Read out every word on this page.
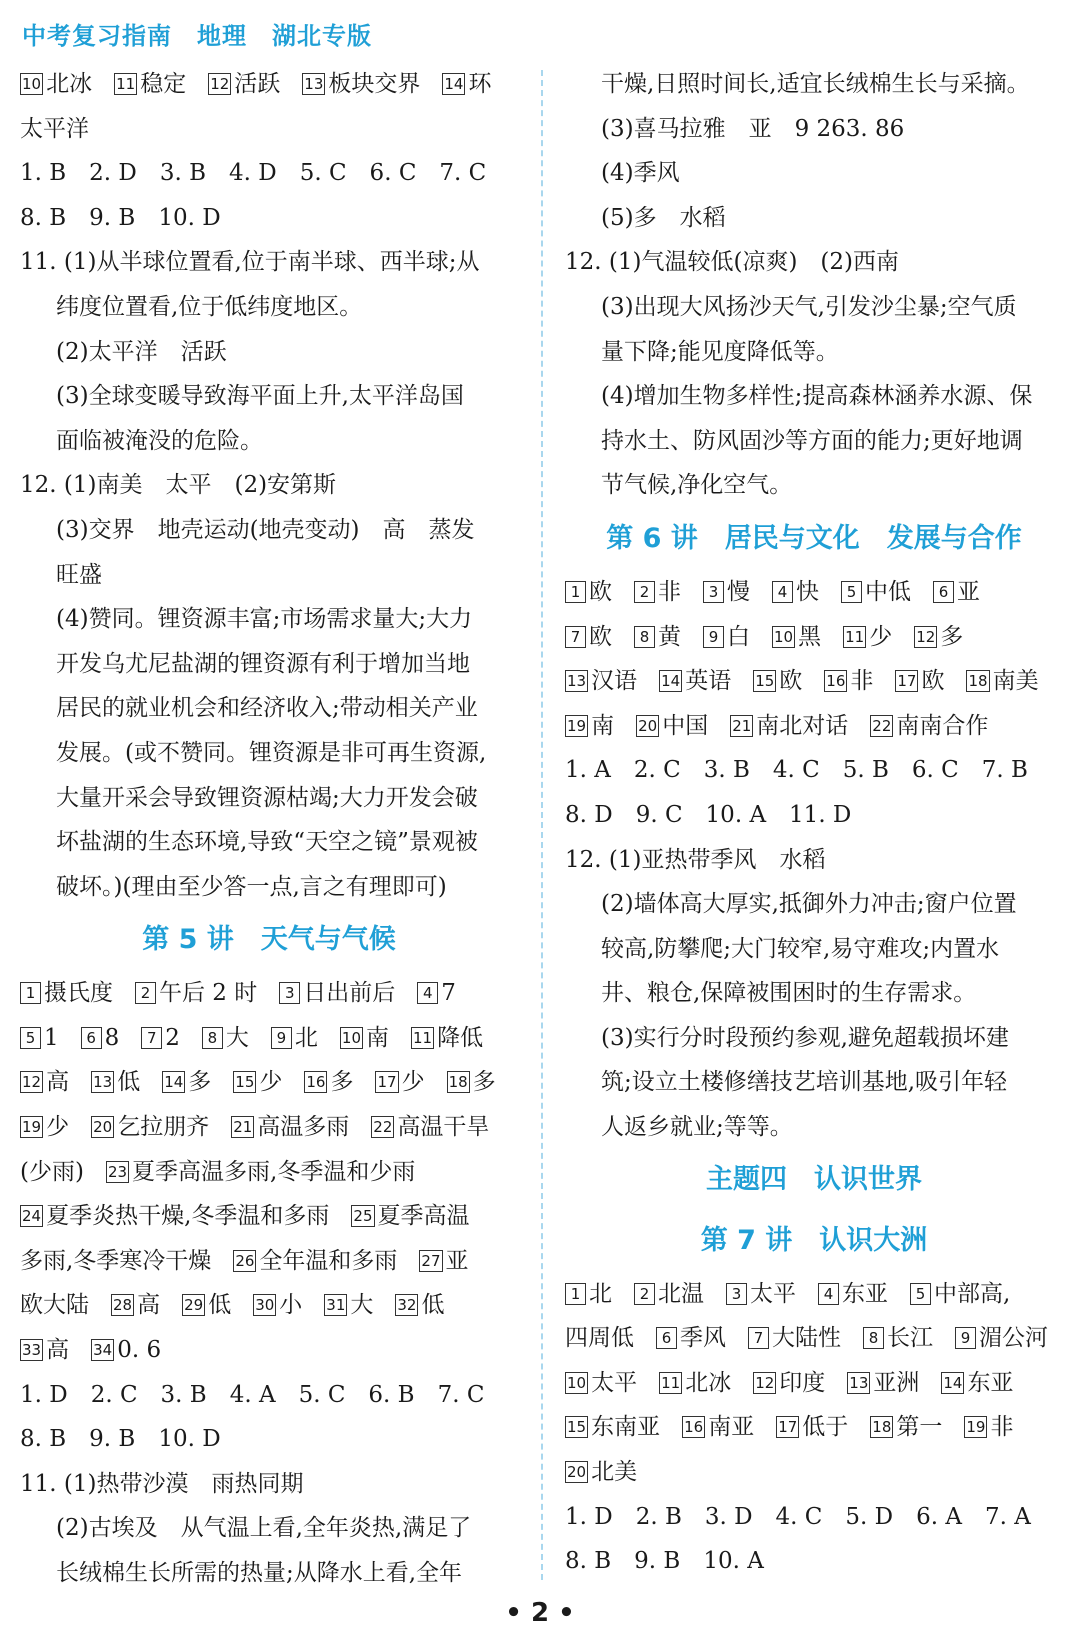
中考复习指南　地理　湖北专版
10 北冰 11 稳定 12 活跃 13 板块交界 14 环
太平洋
1. B　2. D　3. B　4. D　5. C　6. C　7. C
8. B　9. B　10. D
11. (1)从半球位置看,位于南半球、西半球;从
纬度位置看,位于低纬度地区。
(2)太平洋　活跃
(3)全球变暖导致海平面上升,太平洋岛国
面临被淹没的危险。
12. (1)南美　太平　(2)安第斯
(3)交界　地壳运动(地壳变动)　高　蒸发
旺盛
(4)赞同。锂资源丰富;市场需求量大;大力
开发乌尤尼盐湖的锂资源有利于增加当地
居民的就业机会和经济收入;带动相关产业
发展。(或不赞同。锂资源是非可再生资源,
大量开采会导致锂资源枯竭;大力开发会破
坏盐湖的生态环境,导致“天空之镜”景观被
破坏。)(理由至少答一点,言之有理即可)
第 5 讲　天气与气候
1 摄氏度 2 午后 2 时 3 日出前后 4 7
5 1 6 8 7 2 8 大 9 北 10 南 11 降低
12 高 13 低 14 多 15 少 16 多 17 少 18 多
19 少 20 乞拉朋齐 21 高温多雨 22 高温干旱
(少雨) 23 夏季高温多雨,冬季温和少雨
24 夏季炎热干燥,冬季温和多雨 25 夏季高温
多雨,冬季寒冷干燥 26 全年温和多雨 27 亚
欧大陆 28 高 29 低 30 小 31 大 32 低
33 高 34 0. 6
1. D　2. C　3. B　4. A　5. C　6. B　7. C
8. B　9. B　10. D
11. (1)热带沙漠　雨热同期
(2)古埃及　从气温上看,全年炎热,满足了
长绒棉生长所需的热量;从降水上看,全年
干燥,日照时间长,适宜长绒棉生长与采摘。
(3)喜马拉雅　亚　9 263. 86
(4)季风
(5)多　水稻
12. (1)气温较低(凉爽)　(2)西南
(3)出现大风扬沙天气,引发沙尘暴;空气质
量下降;能见度降低等。
(4)增加生物多样性;提高森林涵养水源、保
持水土、防风固沙等方面的能力;更好地调
节气候,净化空气。
第 6 讲　居民与文化　发展与合作
1 欧 2 非 3 慢 4 快 5 中低 6 亚
7 欧 8 黄 9 白 10 黑 11 少 12 多
13 汉语 14 英语 15 欧 16 非 17 欧 18 南美
19 南 20 中国 21 南北对话 22 南南合作
1. A　2. C　3. B　4. C　5. B　6. C　7. B
8. D　9. C　10. A　11. D
12. (1)亚热带季风　水稻
(2)墙体高大厚实,抵御外力冲击;窗户位置
较高,防攀爬;大门较窄,易守难攻;内置水
井、粮仓,保障被围困时的生存需求。
(3)实行分时段预约参观,避免超载损坏建
筑;设立土楼修缮技艺培训基地,吸引年轻
人返乡就业;等等。
主题四　认识世界
第 7 讲　认识大洲
1 北 2 北温 3 太平 4 东亚 5 中部高,
四周低 6 季风 7 大陆性 8 长江 9 湄公河
10 太平 11 北冰 12 印度 13 亚洲 14 东亚
15 东南亚 16 南亚 17 低于 18 第一 19 非
20 北美
1. D　2. B　3. D　4. C　5. D　6. A　7. A
8. B　9. B　10. A
• 2 •
